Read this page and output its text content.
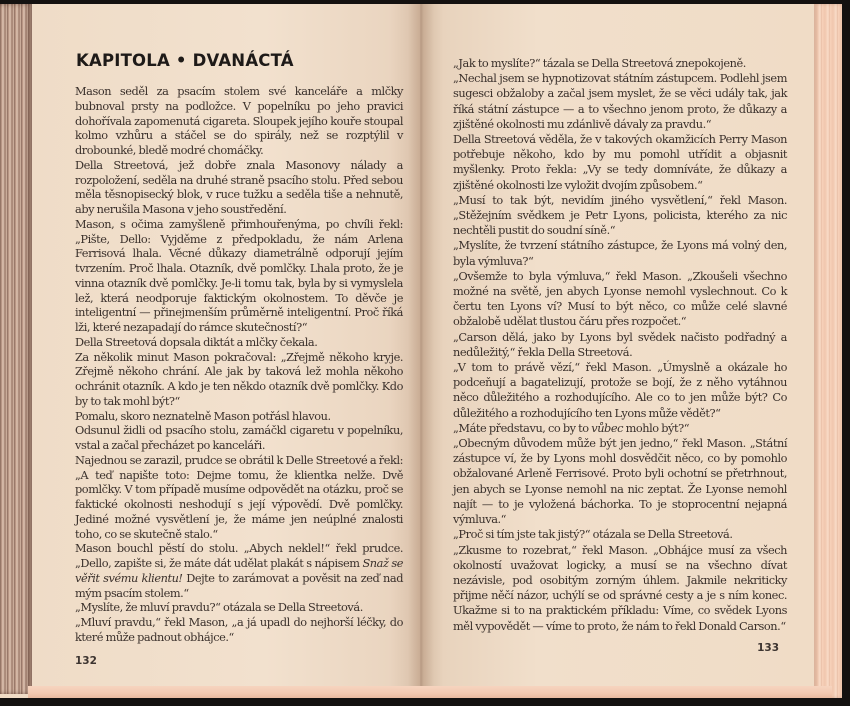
KAPITOLA • DVANÁCTÁ

Mason seděl za psacím stolem své kanceláře a mlčky bubnoval prsty na podložce. V popelníku po jeho pravici dohořívala zapomenutá cigareta. Sloupek jejího kouře stoupal kolmo vzhůru a stáčel se do spirály, než se rozptýlil v drobounké, bledě modré chomáčky.

Della Streetová, jež dobře znala Masonovy nálady a rozpoložení, seděla na druhé straně psacího stolu. Před sebou měla těsnopisecký blok, v ruce tužku a seděla tiše a nehnutě, aby nerušila Masona v jeho soustředění.

Mason, s očima zamyšleně přimhouřenýma, po chvíli řekl: „Pište, Dello: Vyjděme z předpokladu, že nám Arlena Ferrisová lhala. Věcné důkazy diametrálně odporují jejím tvrzením. Proč lhala. Otazník, dvě pomlčky. Lhala proto, že je vinna otazník dvě pomlčky. Je-li tomu tak, byla by si vymyslela lež, která neodporuje faktickým okolnostem. To děvče je inteligentní — přinejmenším průměrně inteligentní. Proč říká lži, které nezapadají do rámce skutečností?“

Della Streetová dopsala diktát a mlčky čekala.

Za několik minut Mason pokračoval: „Zřejmě někoho kryje. Zřejmě někoho chrání. Ale jak by taková lež mohla někoho ochránit otazník. A kdo je ten někdo otazník dvě pomlčky. Kdo by to tak mohl být?“

Pomalu, skoro neznatelně Mason potřásl hlavou.

Odsunul židli od psacího stolu, zamáčkl cigaretu v popelníku, vstal a začal přecházet po kanceláři.

Najednou se zarazil, prudce se obrátil k Delle Streetové a řekl: „A teď napište toto: Dejme tomu, že klientka nelže. Dvě pomlčky. V tom případě musíme odpovědět na otázku, proč se faktické okolnosti neshodují s její výpovědí. Dvě pomlčky. Jediné možné vysvětlení je, že máme jen neúplné znalosti toho, co se skutečně stalo.“

Mason bouchl pěstí do stolu. „Abych neklel!“ řekl prudce. „Dello, zapište si, že máte dát udělat plakát s nápisem Snaž se věřit svému klientu! Dejte to zarámovat a pověsit na zeď nad mým psacím stolem.“

„Myslíte, že mluví pravdu?“ otázala se Della Streetová.

„Mluví pravdu,“ řekl Mason, „a já upadl do nejhorší léčky, do které může padnout obhájce.“

132

„Jak to myslíte?“ tázala se Della Streetová znepokojeně.

„Nechal jsem se hypnotizovat státním zástupcem. Podlehl jsem sugesci obžaloby a začal jsem myslet, že se věci udály tak, jak říká státní zástupce — a to všechno jenom proto, že důkazy a zjištěné okolnosti mu zdánlivě dávaly za pravdu.“

Della Streetová věděla, že v takových okamžicích Perry Mason potřebuje někoho, kdo by mu pomohl utřídit a objasnit myšlenky. Proto řekla: „Vy se tedy domníváte, že důkazy a zjištěné okolnosti lze vyložit dvojím způsobem.“

„Musí to tak být, nevidím jiného vysvětlení,“ řekl Mason. „Stěžejním svědkem je Petr Lyons, policista, kterého za nic nechtěli pustit do soudní síně.“

„Myslíte, že tvrzení státního zástupce, že Lyons má volný den, byla výmluva?“

„Ovšemže to byla výmluva,“ řekl Mason. „Zkoušeli všechno možné na světě, jen abych Lyonse nemohl vyslechnout. Co k čertu ten Lyons ví? Musí to být něco, co může celé slavné obžalobě udělat tlustou čáru přes rozpočet.“

„Carson dělá, jako by Lyons byl svědek načisto podřadný a nedůležitý,“ řekla Della Streetová.

„V tom to právě vězí,“ řekl Mason. „Úmyslně a okázale ho podceňují a bagatelizují, protože se bojí, že z něho vytáhnou něco důležitého a rozhodujícího. Ale co to jen může být? Co důležitého a rozhodujícího ten Lyons může vědět?“

„Máte představu, co by to vůbec mohlo být?“

„Obecným důvodem může být jen jedno,“ řekl Mason. „Státní zástupce ví, že by Lyons mohl dosvědčit něco, co by pomohlo obžalované Arleně Ferrisové. Proto byli ochotní se přetrhnout, jen abych se Lyonse nemohl na nic zeptat. Že Lyonse nemohl najít — to je vyložená báchorka. To je stoprocentní nejapná výmluva.“

„Proč si tím jste tak jistý?“ otázala se Della Streetová.

„Zkusme to rozebrat,“ řekl Mason. „Obhájce musí za všech okolností uvažovat logicky, a musí se na všechno dívat nezávisle, pod osobitým zorným úhlem. Jakmile nekriticky přijme něčí názor, uchýlí se od správné cesty a je s ním konec. Ukažme si to na praktickém příkladu: Víme, co svědek Lyons měl vypovědět — víme to proto, že nám to řekl Donald Carson.“

133
